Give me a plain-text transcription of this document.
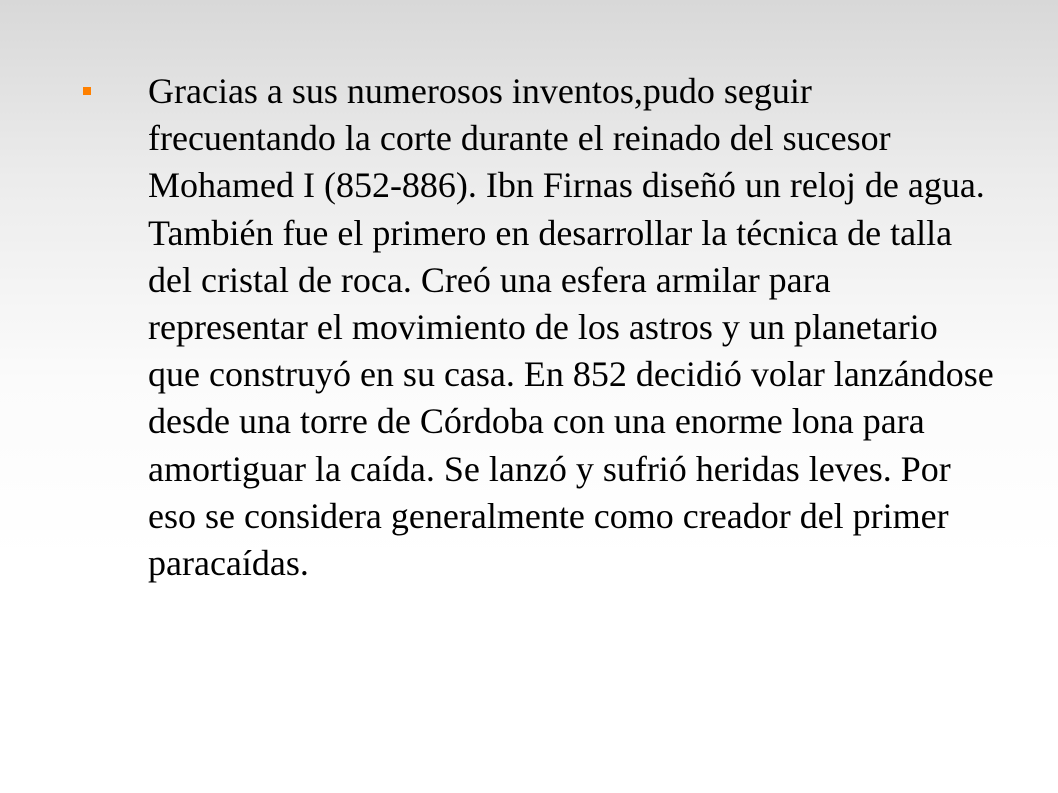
Gracias a sus numerosos inventos,pudo seguir frecuentando la corte durante el reinado del sucesor Mohamed I (852-886). Ibn Firnas diseñó un reloj de agua. También fue el primero en desarrollar la técnica de talla del cristal de roca. Creó una esfera armilar para representar el movimiento de los astros y un planetario que construyó en su casa. En 852 decidió volar lanzándose desde una torre de Córdoba con una enorme lona para amortiguar la caída. Se lanzó y sufrió heridas leves. Por eso se considera generalmente como creador del primer paracaídas.
